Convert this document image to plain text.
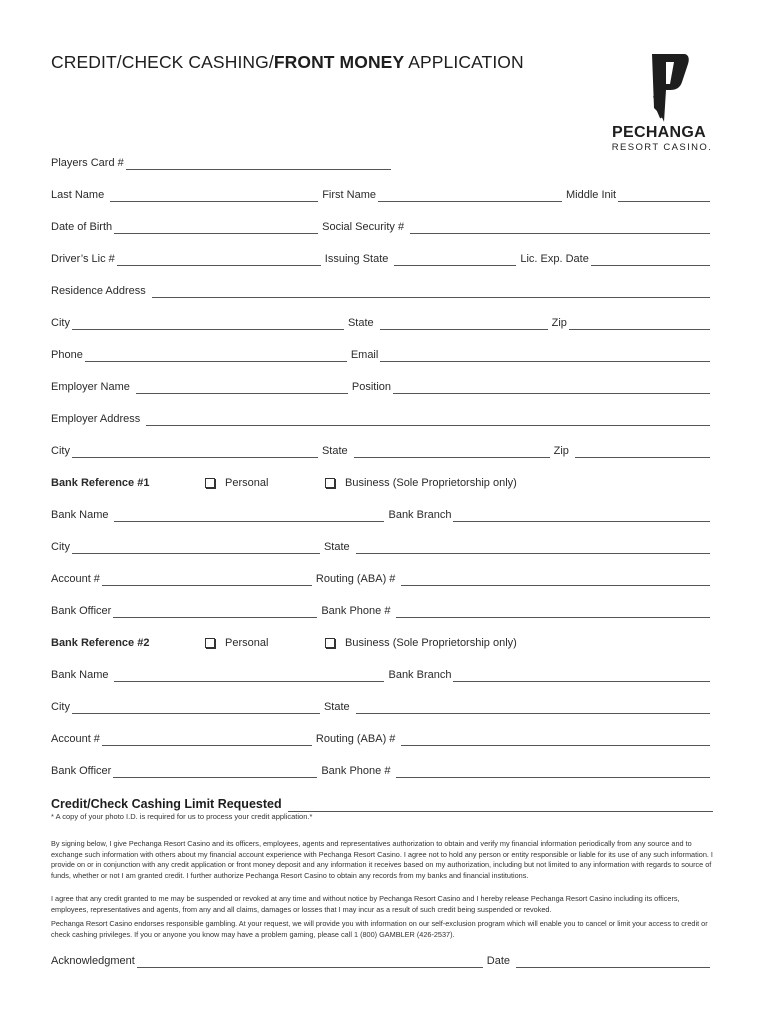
CREDIT/CHECK CASHING/FRONT MONEY APPLICATION
PECHANGA
RESORT CASINO.
Players Card #
Last Name	First Name	Middle Init
Date of Birth	Social Security #
Driver’s Lic #	Issuing State	Lic. Exp. Date
Residence Address
City	State	Zip
Phone	Email
Employer Name	Position
Employer Address
City	State	Zip
Bank Reference #1	Personal	Business (Sole Proprietorship only)
Bank Name	Bank Branch
City	State
Account #	Routing (ABA) #
Bank Officer	Bank Phone #
Bank Reference #2	Personal	Business (Sole Proprietorship only)
Bank Name	Bank Branch
City	State
Account #	Routing (ABA) #
Bank Officer	Bank Phone #
Credit/Check Cashing Limit Requested
* A copy of your photo I.D. is required for us to process your credit application.*
By signing below, I give Pechanga Resort Casino and its officers, employees, agents and representatives authorization to obtain and verify my financial information periodically from any source and to exchange such information with others about my financial account experience with Pechanga Resort Casino. I agree not to hold any person or entity responsible or liable for its use of any such information. I provide on or in conjunction with any credit application or front money deposit and any information it receives based on my authorization, including but not limited to any information with regards to source of funds, whether or not I am granted credit. I further authorize Pechanga Resort Casino to obtain any records from my banks and financial institutions.
I agree that any credit granted to me may be suspended or revoked at any time and without notice by Pechanga Resort Casino and I hereby release Pechanga Resort Casino including its officers, employees, representatives and agents, from any and all claims, damages or losses that I may incur as a result of such credit being suspended or revoked.
Pechanga Resort Casino endorses responsible gambling. At your request, we will provide you with information on our self-exclusion program which will enable you to cancel or limit your access to credit or check cashing privileges. If you or anyone you know may have a problem gaming, please call 1 (800) GAMBLER (426-2537).
Acknowledgment	Date
